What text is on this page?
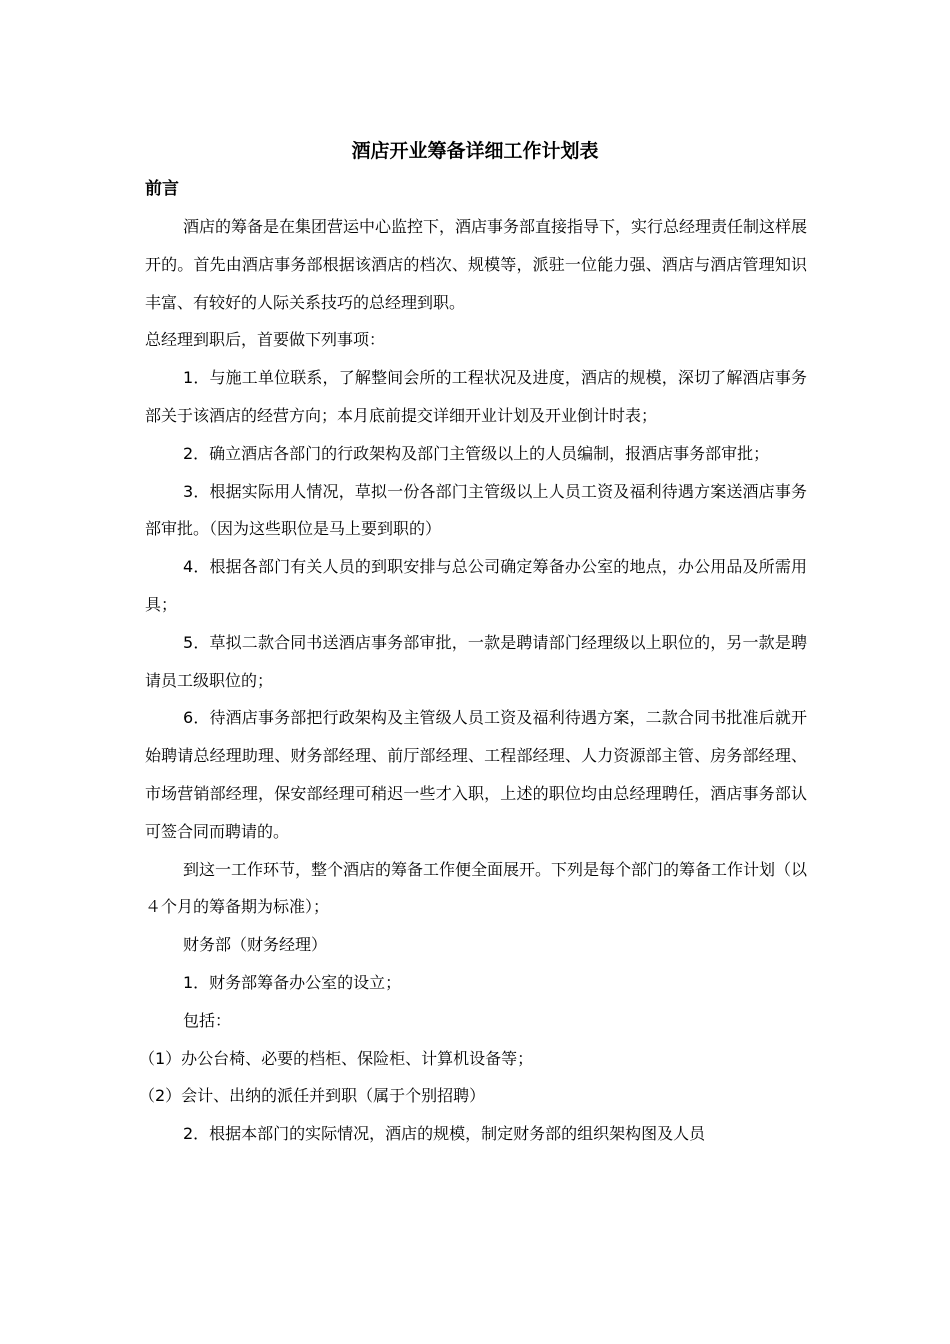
酒店开业筹备详细工作计划表
前言

酒店的筹备是在集团营运中心监控下，酒店事务部直接指导下，实行总经理责任制这样展开的。首先由酒店事务部根据该酒店的档次、规模等，派驻一位能力强、酒店与酒店管理知识丰富、有较好的人际关系技巧的总经理到职。

总经理到职后，首要做下列事项：

1．与施工单位联系，了解整间会所的工程状况及进度，酒店的规模，深切了解酒店事务部关于该酒店的经营方向；本月底前提交详细开业计划及开业倒计时表；

2．确立酒店各部门的行政架构及部门主管级以上的人员编制，报酒店事务部审批；

3．根据实际用人情况，草拟一份各部门主管级以上人员工资及福利待遇方案送酒店事务部审批。（因为这些职位是马上要到职的）

4．根据各部门有关人员的到职安排与总公司确定筹备办公室的地点，办公用品及所需用具；

5．草拟二款合同书送酒店事务部审批，一款是聘请部门经理级以上职位的，另一款是聘请员工级职位的；

6．待酒店事务部把行政架构及主管级人员工资及福利待遇方案，二款合同书批准后就开始聘请总经理助理、财务部经理、前厅部经理、工程部经理、人力资源部主管、房务部经理、市场营销部经理，保安部经理可稍迟一些才入职，上述的职位均由总经理聘任，酒店事务部认可签合同而聘请的。

到这一工作环节，整个酒店的筹备工作便全面展开。下列是每个部门的筹备工作计划（以４个月的筹备期为标准）；

财务部（财务经理）

1．财务部筹备办公室的设立；

包括：

（1）办公台椅、必要的档柜、保险柜、计算机设备等；

（2）会计、出纳的派任并到职（属于个别招聘）

2．根据本部门的实际情况，酒店的规模，制定财务部的组织架构图及人员
